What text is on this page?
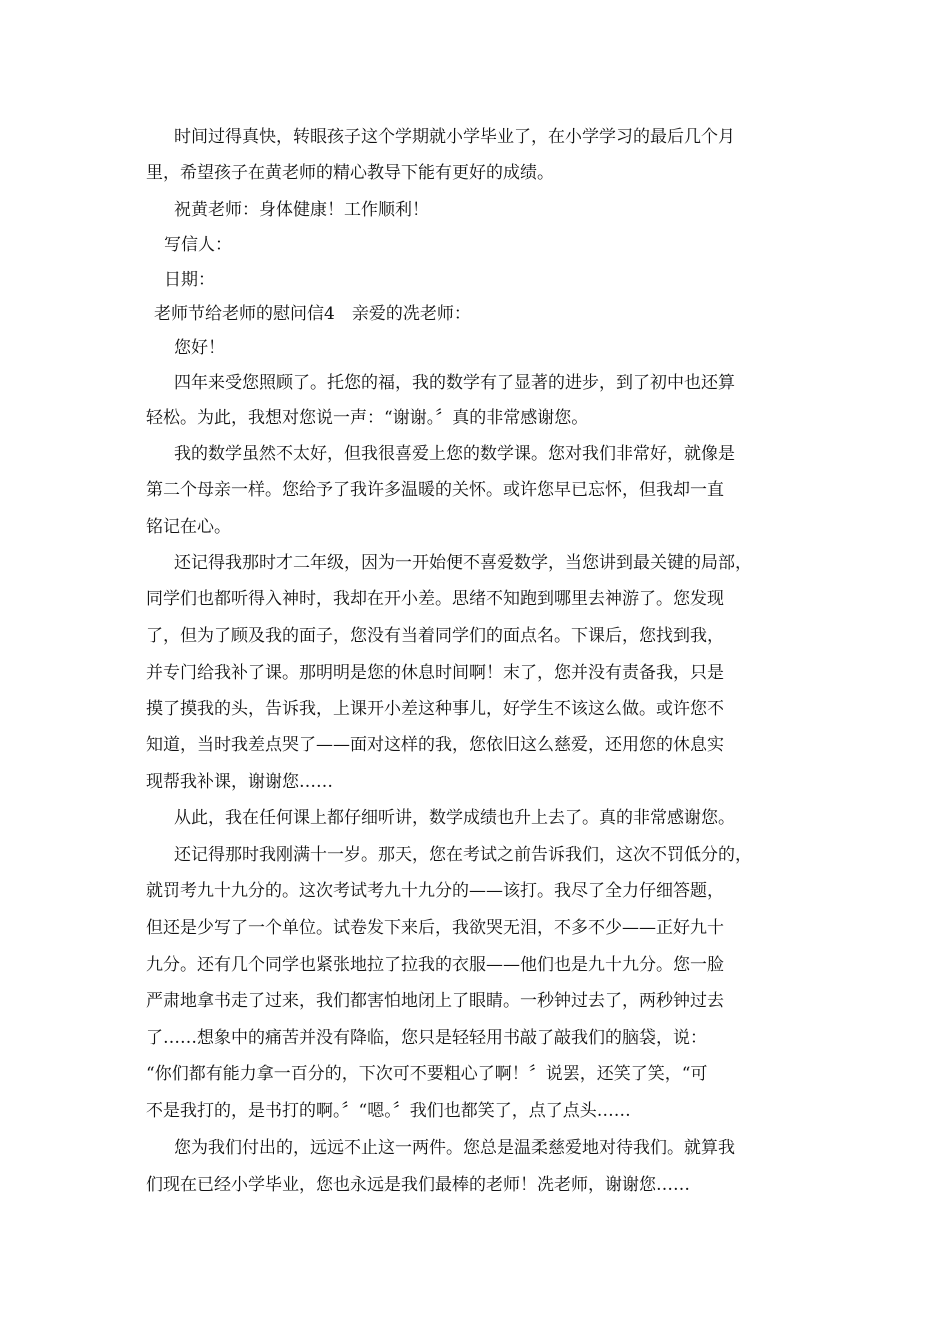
时间过得真快，转眼孩子这个学期就小学毕业了，在小学学习的最后几个月
里，希望孩子在黄老师的精心教导下能有更好的成绩。
祝黄老师：身体健康！工作顺利！
写信人：
日期：
老师节给老师的慰问信4　亲爱的冼老师：
您好！
四年来受您照顾了。托您的福，我的数学有了显著的进步，到了初中也还算
轻松。为此，我想对您说一声：“谢谢。〞真的非常感谢您。
我的数学虽然不太好，但我很喜爱上您的数学课。您对我们非常好，就像是
第二个母亲一样。您给予了我许多温暖的关怀。或许您早已忘怀，但我却一直
铭记在心。
还记得我那时才二年级，因为一开始便不喜爱数学，当您讲到最关键的局部，
同学们也都听得入神时，我却在开小差。思绪不知跑到哪里去神游了。您发现
了，但为了顾及我的面子，您没有当着同学们的面点名。下课后，您找到我，
并专门给我补了课。那明明是您的休息时间啊！末了，您并没有责备我，只是
摸了摸我的头，告诉我，上课开小差这种事儿，好学生不该这么做。或许您不
知道，当时我差点哭了——面对这样的我，您依旧这么慈爱，还用您的休息实
现帮我补课，谢谢您……
从此，我在任何课上都仔细听讲，数学成绩也升上去了。真的非常感谢您。
还记得那时我刚满十一岁。那天，您在考试之前告诉我们，这次不罚低分的，
就罚考九十九分的。这次考试考九十九分的——该打。我尽了全力仔细答题，
但还是少写了一个单位。试卷发下来后，我欲哭无泪，不多不少——正好九十
九分。还有几个同学也紧张地拉了拉我的衣服——他们也是九十九分。您一脸
严肃地拿书走了过来，我们都害怕地闭上了眼睛。一秒钟过去了，两秒钟过去
了……想象中的痛苦并没有降临，您只是轻轻用书敲了敲我们的脑袋，说：
“你们都有能力拿一百分的，下次可不要粗心了啊！〞说罢，还笑了笑，“可
不是我打的，是书打的啊。〞“嗯。〞我们也都笑了，点了点头……
您为我们付出的，远远不止这一两件。您总是温柔慈爱地对待我们。就算我
们现在已经小学毕业，您也永远是我们最棒的老师！冼老师，谢谢您……
